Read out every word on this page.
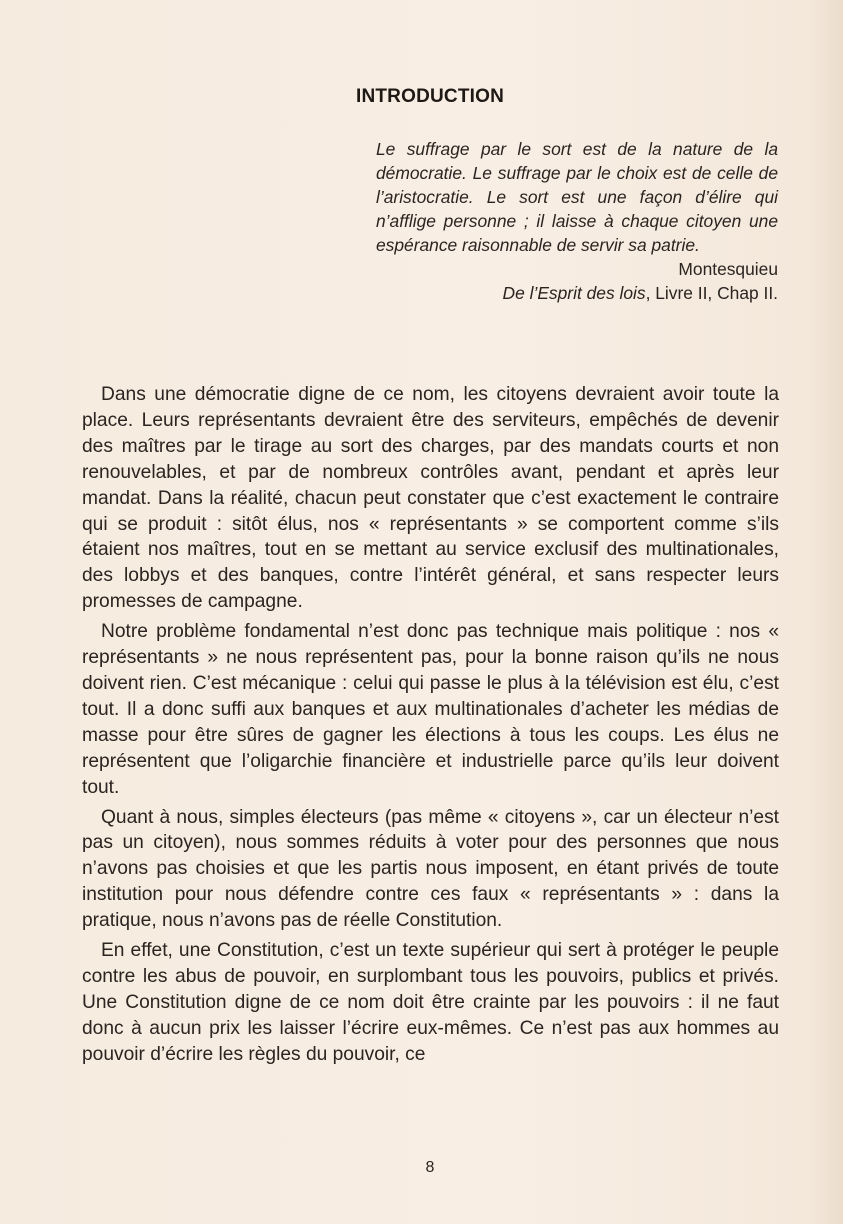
INTRODUCTION
Le suffrage par le sort est de la nature de la démocratie. Le suffrage par le choix est de celle de l’aristocratie. Le sort est une façon d’élire qui n’afflige personne ; il laisse à chaque citoyen une espérance raisonnable de servir sa patrie.
Montesquieu
De l’Esprit des lois, Livre II, Chap II.

Dans une démocratie digne de ce nom, les citoyens devraient avoir toute la place. Leurs représentants devraient être des serviteurs, empêchés de devenir des maîtres par le tirage au sort des charges, par des mandats courts et non renouvelables, et par de nombreux contrôles avant, pendant et après leur mandat. Dans la réalité, chacun peut constater que c’est exactement le contraire qui se produit : sitôt élus, nos « représentants » se comportent comme s’ils étaient nos maîtres, tout en se mettant au service exclusif des multinationales, des lobbys et des banques, contre l’intérêt général, et sans respecter leurs promesses de campagne.

Notre problème fondamental n’est donc pas technique mais politique : nos « représentants » ne nous représentent pas, pour la bonne raison qu’ils ne nous doivent rien. C’est mécanique : celui qui passe le plus à la télévision est élu, c’est tout. Il a donc suffi aux banques et aux multinationales d’acheter les médias de masse pour être sûres de gagner les élections à tous les coups. Les élus ne représentent que l’oligarchie financière et industrielle parce qu’ils leur doivent tout.

Quant à nous, simples électeurs (pas même « citoyens », car un électeur n’est pas un citoyen), nous sommes réduits à voter pour des personnes que nous n’avons pas choisies et que les partis nous imposent, en étant privés de toute institution pour nous défendre contre ces faux « représentants » : dans la pratique, nous n’avons pas de réelle Constitution.

En effet, une Constitution, c’est un texte supérieur qui sert à protéger le peuple contre les abus de pouvoir, en surplombant tous les pouvoirs, publics et privés. Une Constitution digne de ce nom doit être crainte par les pouvoirs : il ne faut donc à aucun prix les laisser l’écrire eux-mêmes. Ce n’est pas aux hommes au pouvoir d’écrire les règles du pouvoir, ce

8
